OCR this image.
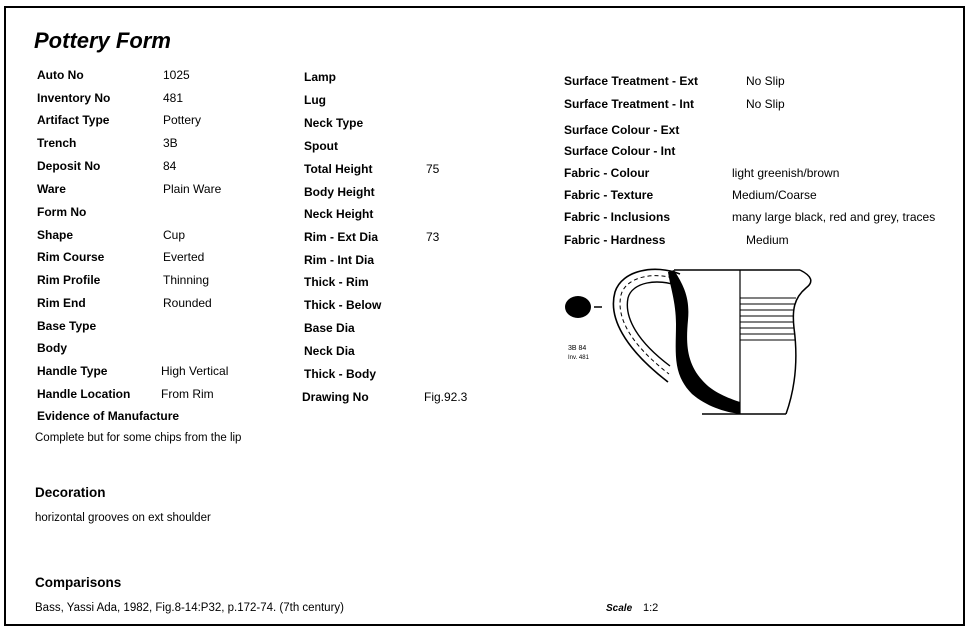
Pottery Form
Auto No	1025
Inventory No	481
Artifact Type	Pottery
Trench	3B
Deposit No	84
Ware	Plain Ware
Form No
Shape	Cup
Rim Course	Everted
Rim Profile	Thinning
Rim End	Rounded
Base Type
Body
Handle Type	High Vertical
Handle Location	From Rim
Lamp
Lug
Neck Type
Spout
Total Height	75
Body Height
Neck Height
Rim - Ext Dia	73
Rim - Int Dia
Thick - Rim
Thick - Below
Base Dia
Neck Dia
Thick - Body
Drawing No	Fig.92.3
Surface Treatment - Ext	No Slip
Surface Treatment - Int	No Slip
Surface Colour - Ext
Surface Colour - Int
Fabric - Colour	light greenish/brown
Fabric - Texture	Medium/Coarse
Fabric - Inclusions	many large black, red and grey, traces
Fabric - Hardness	Medium
Evidence of Manufacture
Complete but for some chips from the lip
Decoration
horizontal grooves on ext shoulder
Comparisons
Bass, Yassi Ada, 1982, Fig.8-14:P32, p.172-74. (7th century)	Scale 1:2
3B 84
Inv. 481
